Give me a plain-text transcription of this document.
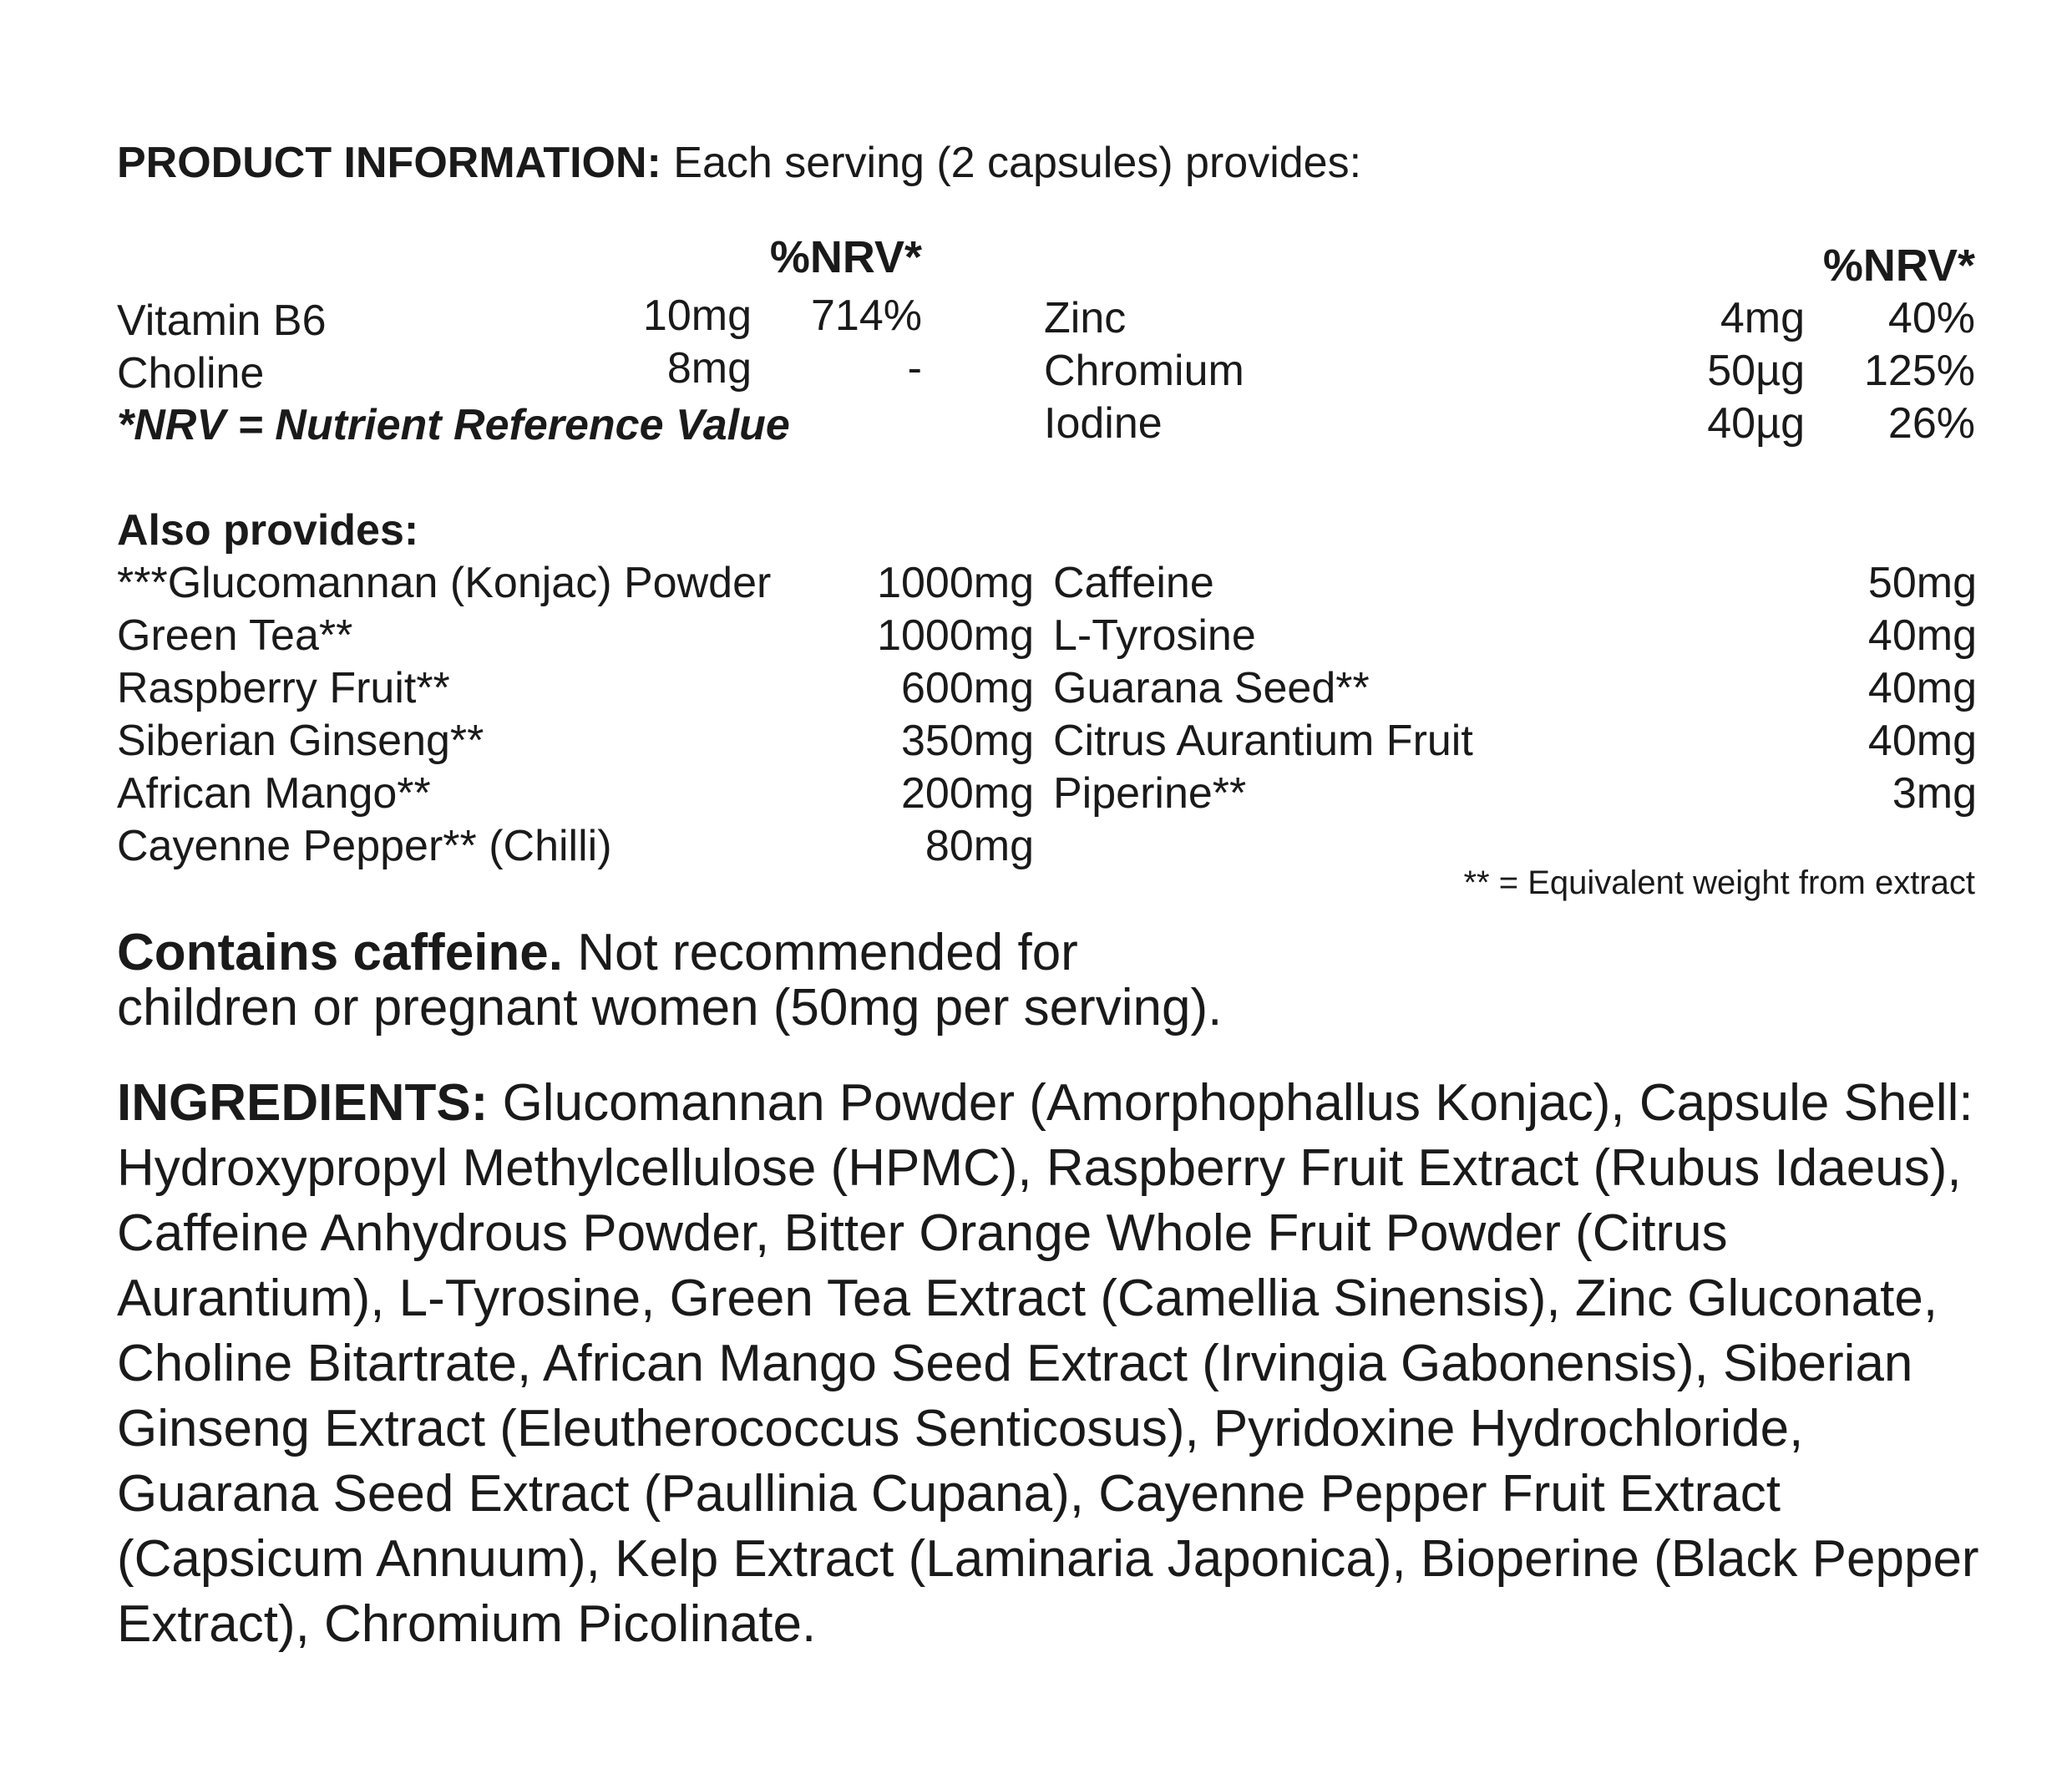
PRODUCT INFORMATION: Each serving (2 capsules) provides:
%NRV*
Vitamin B6	10mg 714%
Choline	8mg	-
*NRV = Nutrient Reference Value
%NRV*
Zinc	4mg 40%
Chromium	50µg 125%
Iodine	40µg 26%
Also provides:
***Glucomannan (Konjac) Powder 1000mg
Green Tea**	1000mg
Raspberry Fruit**	600mg
Siberian Ginseng**	350mg
African Mango**	200mg
Cayenne Pepper** (Chilli)	80mg
Caffeine	50mg
L-Tyrosine	40mg
Guarana Seed**	40mg
Citrus Aurantium Fruit	40mg
Piperine**	3mg
** = Equivalent weight from extract
Contains caffeine. Not recommended for
children or pregnant women (50mg per serving).
INGREDIENTS: Glucomannan Powder (Amorphophallus Konjac), Capsule Shell: Hydroxypropyl Methylcellulose (HPMC), Raspberry Fruit Extract (Rubus Idaeus), Caffeine Anhydrous Powder, Bitter Orange Whole Fruit Powder (Citrus Aurantium), L-Tyrosine, Green Tea Extract (Camellia Sinensis), Zinc Gluconate, Choline Bitartrate, African Mango Seed Extract (Irvingia Gabonensis), Siberian Ginseng Extract (Eleutherococcus Senticosus), Pyridoxine Hydrochloride, Guarana Seed Extract (Paullinia Cupana), Cayenne Pepper Fruit Extract (Capsicum Annuum), Kelp Extract (Laminaria Japonica), Bioperine (Black Pepper Extract), Chromium Picolinate.
